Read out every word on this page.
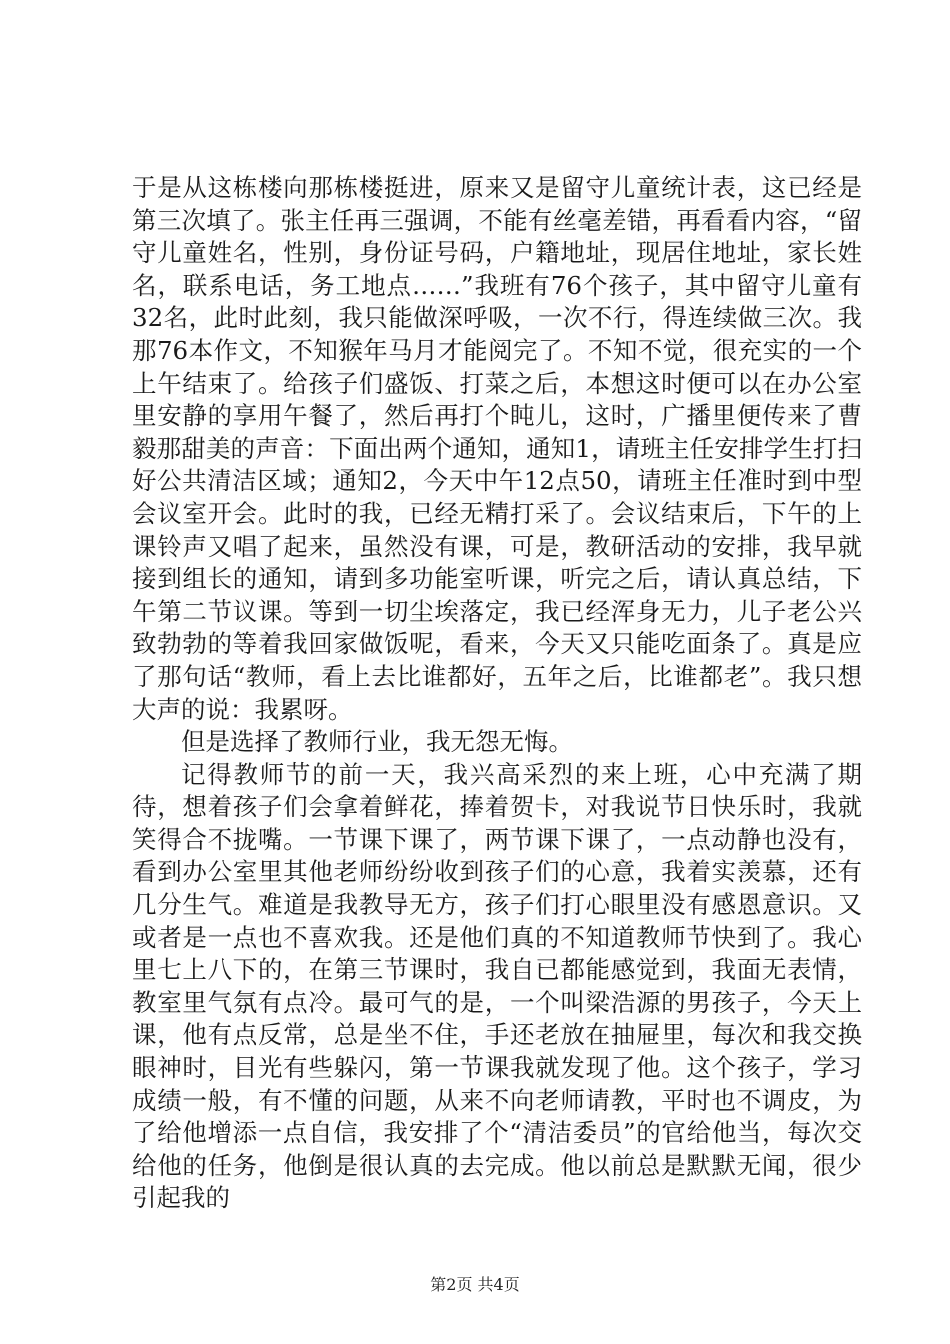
于是从这栋楼向那栋楼挺进，原来又是留守儿童统计表，这已经是第三次填了。张主任再三强调，不能有丝毫差错，再看看内容，“留守儿童姓名，性别，身份证号码，户籍地址，现居住地址，家长姓名，联系电话，务工地点……”我班有76个孩子，其中留守儿童有32名，此时此刻，我只能做深呼吸，一次不行，得连续做三次。我那76本作文，不知猴年马月才能阅完了。不知不觉，很充实的一个上午结束了。给孩子们盛饭、打菜之后，本想这时便可以在办公室里安静的享用午餐了，然后再打个盹儿，这时，广播里便传来了曹毅那甜美的声音：下面出两个通知，通知1，请班主任安排学生打扫好公共清洁区域；通知2，今天中午12点50，请班主任准时到中型会议室开会。此时的我，已经无精打采了。会议结束后，下午的上课铃声又唱了起来，虽然没有课，可是，教研活动的安排，我早就接到组长的通知，请到多功能室听课，听完之后，请认真总结，下午第二节议课。等到一切尘埃落定，我已经浑身无力，儿子老公兴致勃勃的等着我回家做饭呢，看来，今天又只能吃面条了。真是应了那句话“教师，看上去比谁都好，五年之后，比谁都老”。我只想大声的说：我累呀。

但是选择了教师行业，我无怨无悔。

记得教师节的前一天，我兴高采烈的来上班，心中充满了期待，想着孩子们会拿着鲜花，捧着贺卡，对我说节日快乐时，我就笑得合不拢嘴。一节课下课了，两节课下课了，一点动静也没有，看到办公室里其他老师纷纷收到孩子们的心意，我着实羡慕，还有几分生气。难道是我教导无方，孩子们打心眼里没有感恩意识。又或者是一点也不喜欢我。还是他们真的不知道教师节快到了。我心里七上八下的，在第三节课时，我自已都能感觉到，我面无表情，教室里气氛有点冷。最可气的是，一个叫梁浩源的男孩子，今天上课，他有点反常，总是坐不住，手还老放在抽屉里，每次和我交换眼神时，目光有些躲闪，第一节课我就发现了他。这个孩子，学习成绩一般，有不懂的问题，从来不向老师请教，平时也不调皮，为了给他增添一点自信，我安排了个“清洁委员”的官给他当，每次交给他的任务，他倒是很认真的去完成。他以前总是默默无闻，很少引起我的

第2页 共4页
